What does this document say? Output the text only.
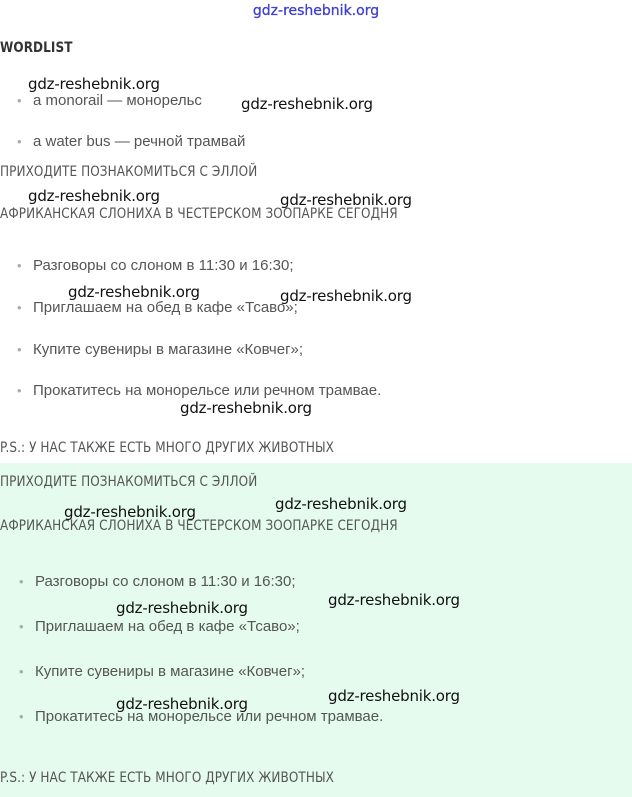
gdz-reshebnik.org
WORDLIST
• a monorail — монорельс
• a water bus — речной трамвай
ПРИХОДИТЕ ПОЗНАКОМИТЬСЯ С ЭЛЛОЙ
АФРИКАНСКАЯ СЛОНИХА В ЧЕСТЕРСКОМ ЗООПАРКЕ СЕГОДНЯ
• Разговоры со слоном в 11:30 и 16:30;
• Приглашаем на обед в кафе «Тсаво»;
• Купите сувениры в магазине «Ковчег»;
• Прокатитесь на монорельсе или речном трамвае.
P.S.: У НАС ТАКЖЕ ЕСТЬ МНОГО ДРУГИХ ЖИВОТНЫХ
ПРИХОДИТЕ ПОЗНАКОМИТЬСЯ С ЭЛЛОЙ
АФРИКАНСКАЯ СЛОНИХА В ЧЕСТЕРСКОМ ЗООПАРКЕ СЕГОДНЯ
• Разговоры со слоном в 11:30 и 16:30;
• Приглашаем на обед в кафе «Тсаво»;
• Купите сувениры в магазине «Ковчег»;
• Прокатитесь на монорельсе или речном трамвае.
P.S.: У НАС ТАКЖЕ ЕСТЬ МНОГО ДРУГИХ ЖИВОТНЫХ
gdz-reshebnik.org
gdz-reshebnik.org
gdz-reshebnik.org	gdz-reshebnik.org
gdz-reshebnik.org	gdz-reshebnik.org
gdz-reshebnik.org
gdz-reshebnik.org
gdz-reshebnik.org
gdz-reshebnik.org
gdz-reshebnik.org
gdz-reshebnik.org
gdz-reshebnik.org
